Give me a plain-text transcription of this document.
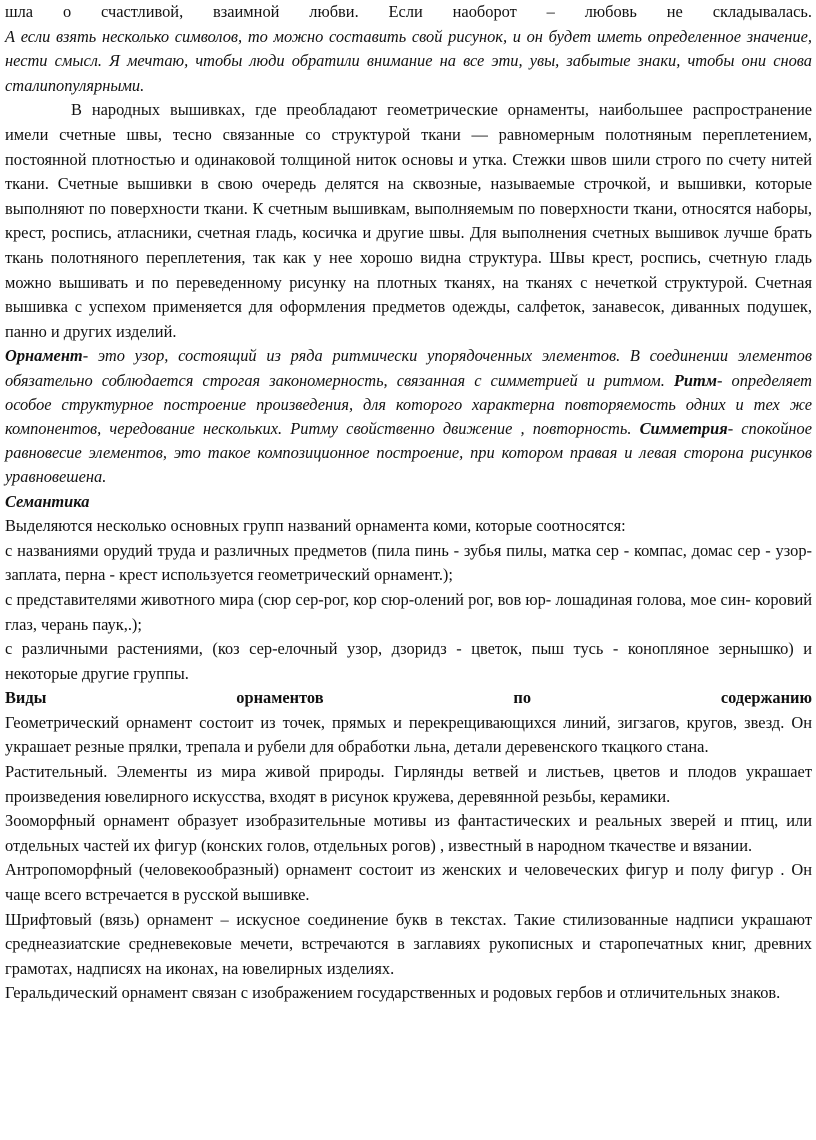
шла о счастливой, взаимной любви. Если наоборот – любовь не складывалась.

А если взять несколько символов, то можно составить свой рисунок, и он будет иметь определенное значение, нести смысл. Я мечтаю, чтобы люди обратили внимание на все эти, увы, забытые знаки, чтобы они снова сталипопулярными.

В народных вышивках, где преобладают геометрические орнаменты, наибольшее распространение имели счетные швы, тесно связанные со структурой ткани — равномерным полотняным переплетением, постоянной плотностью и одинаковой толщиной ниток основы и утка. Стежки швов шили строго по счету нитей ткани. Счетные вышивки в свою очередь делятся на сквозные, называемые строчкой, и вышивки, которые выполняют по поверхности ткани. К счетным вышивкам, выполняемым по поверхности ткани, относятся наборы, крест, роспись, атласники, счетная гладь, косичка и другие швы. Для выполнения счетных вышивок лучше брать ткань полотняного переплетения, так как у нее хорошо видна структура. Швы крест, роспись, счетную гладь можно вышивать и по переведенному рисунку на плотных тканях, на тканях с нечеткой структурой. Счетная вышивка с успехом применяется для оформления предметов одежды, салфеток, занавесок, диванных подушек, панно и других изделий.

Орнамент- это узор, состоящий из ряда ритмически упорядоченных элементов. В соединении элементов обязательно соблюдается строгая закономерность, связанная с симметрией и ритмом. Ритм- определяет особое структурное построение произведения, для которого характерна повторяемость одних и тех же компонентов, чередование нескольких. Ритму свойственно движение , повторность. Симметрия- спокойное равновесие элементов, это такое композиционное построение, при котором правая и левая сторона рисунков уравновешена.

Семантика

Выделяются несколько основных групп названий орнамента коми, которые соотносятся:

с названиями орудий труда и различных предметов (пила пинь - зубья пилы, матка сер - компас, домас сер - узор-заплата, перна - крест используется геометрический орнамент.);

с представителями животного мира (сюр сер-рог, кор сюр-олений рог, вов юр- лошадиная голова, мое син- коровий глаз, черань паук,.);

с различными растениями, (коз сер-елочный узор, дзоридз - цветок, пыш тусь - конопляное зернышко) и некоторые другие группы.

Виды орнаментов по содержанию

Геометрический орнамент состоит из точек, прямых и перекрещивающихся линий, зигзагов, кругов, звезд. Он украшает резные прялки, трепала и рубели для обработки льна, детали деревенского ткацкого стана.

Растительный. Элементы из мира живой природы. Гирлянды ветвей и листьев, цветов и плодов украшает произведения ювелирного искусства, входят в рисунок кружева, деревянной резьбы, керамики.

Зооморфный орнамент образует изобразительные мотивы из фантастических и реальных зверей и птиц, или отдельных частей их фигур (конских голов, отдельных рогов) , известный в народном ткачестве и вязании.

Антропоморфный (человекообразный) орнамент состоит из женских и человеческих фигур и полу фигур . Он чаще всего встречается в русской вышивке.

Шрифтовый (вязь) орнамент – искусное соединение букв в текстах. Такие стилизованные надписи украшают среднеазиатские средневековые мечети, встречаются в заглавиях рукописных и старопечатных книг, древних грамотах, надписях на иконах, на ювелирных изделиях.

Геральдический орнамент связан с изображением государственных и родовых гербов и отличительных знаков.
